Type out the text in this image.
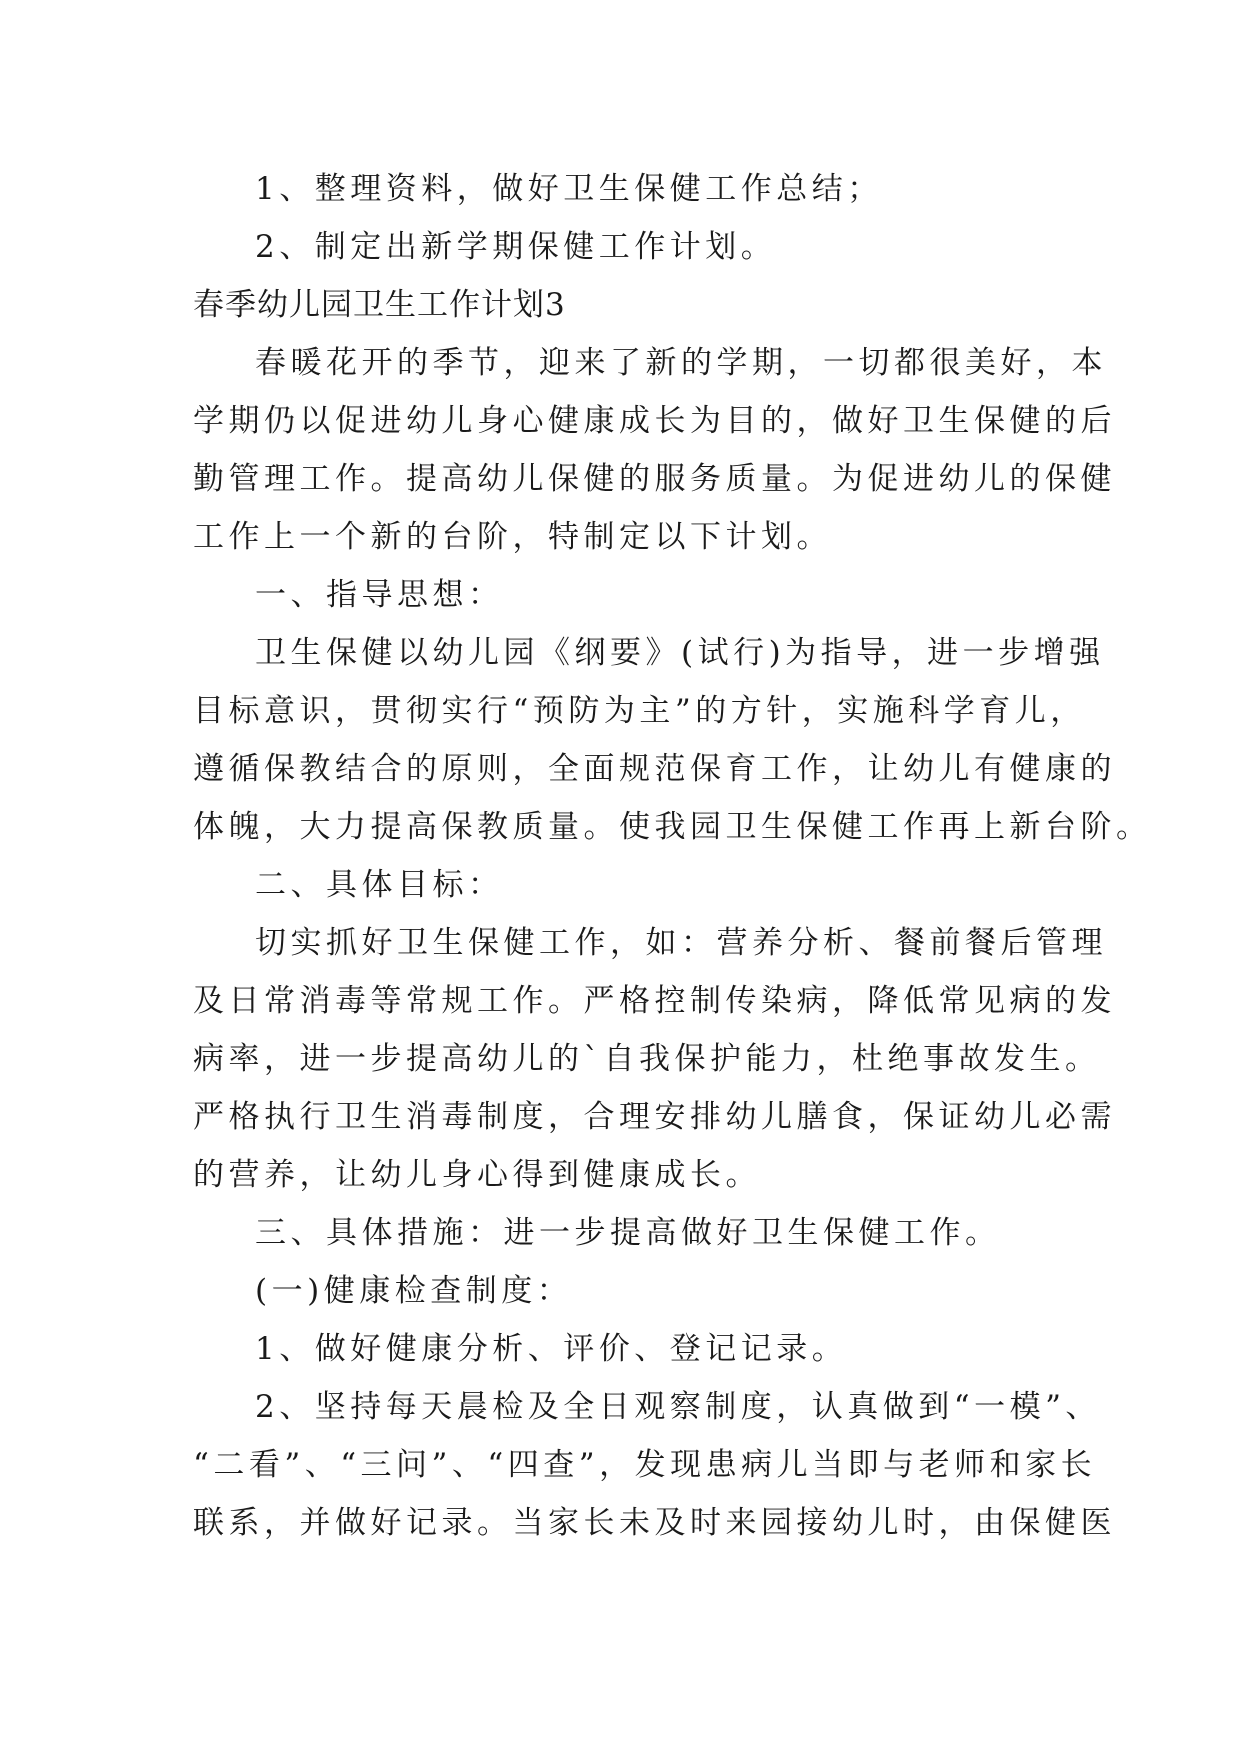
1、整理资料，做好卫生保健工作总结；
2、制定出新学期保健工作计划。
春季幼儿园卫生工作计划3
春暖花开的季节，迎来了新的学期，一切都很美好，本
学期仍以促进幼儿身心健康成长为目的，做好卫生保健的后
勤管理工作。提高幼儿保健的服务质量。为促进幼儿的保健
工作上一个新的台阶，特制定以下计划。
一、指导思想：
卫生保健以幼儿园《纲要》(试行)为指导，进一步增强
目标意识，贯彻实行“预防为主”的方针，实施科学育儿，
遵循保教结合的原则，全面规范保育工作，让幼儿有健康的
体魄，大力提高保教质量。使我园卫生保健工作再上新台阶。
二、具体目标：
切实抓好卫生保健工作，如：营养分析、餐前餐后管理
及日常消毒等常规工作。严格控制传染病，降低常见病的发
病率，进一步提高幼儿的`自我保护能力，杜绝事故发生。
严格执行卫生消毒制度，合理安排幼儿膳食，保证幼儿必需
的营养，让幼儿身心得到健康成长。
三、具体措施：进一步提高做好卫生保健工作。
(一)健康检查制度：
1、做好健康分析、评价、登记记录。
2、坚持每天晨检及全日观察制度，认真做到“一模”、
“二看”、“三问”、“四查”，发现患病儿当即与老师和家长
联系，并做好记录。当家长未及时来园接幼儿时，由保健医
